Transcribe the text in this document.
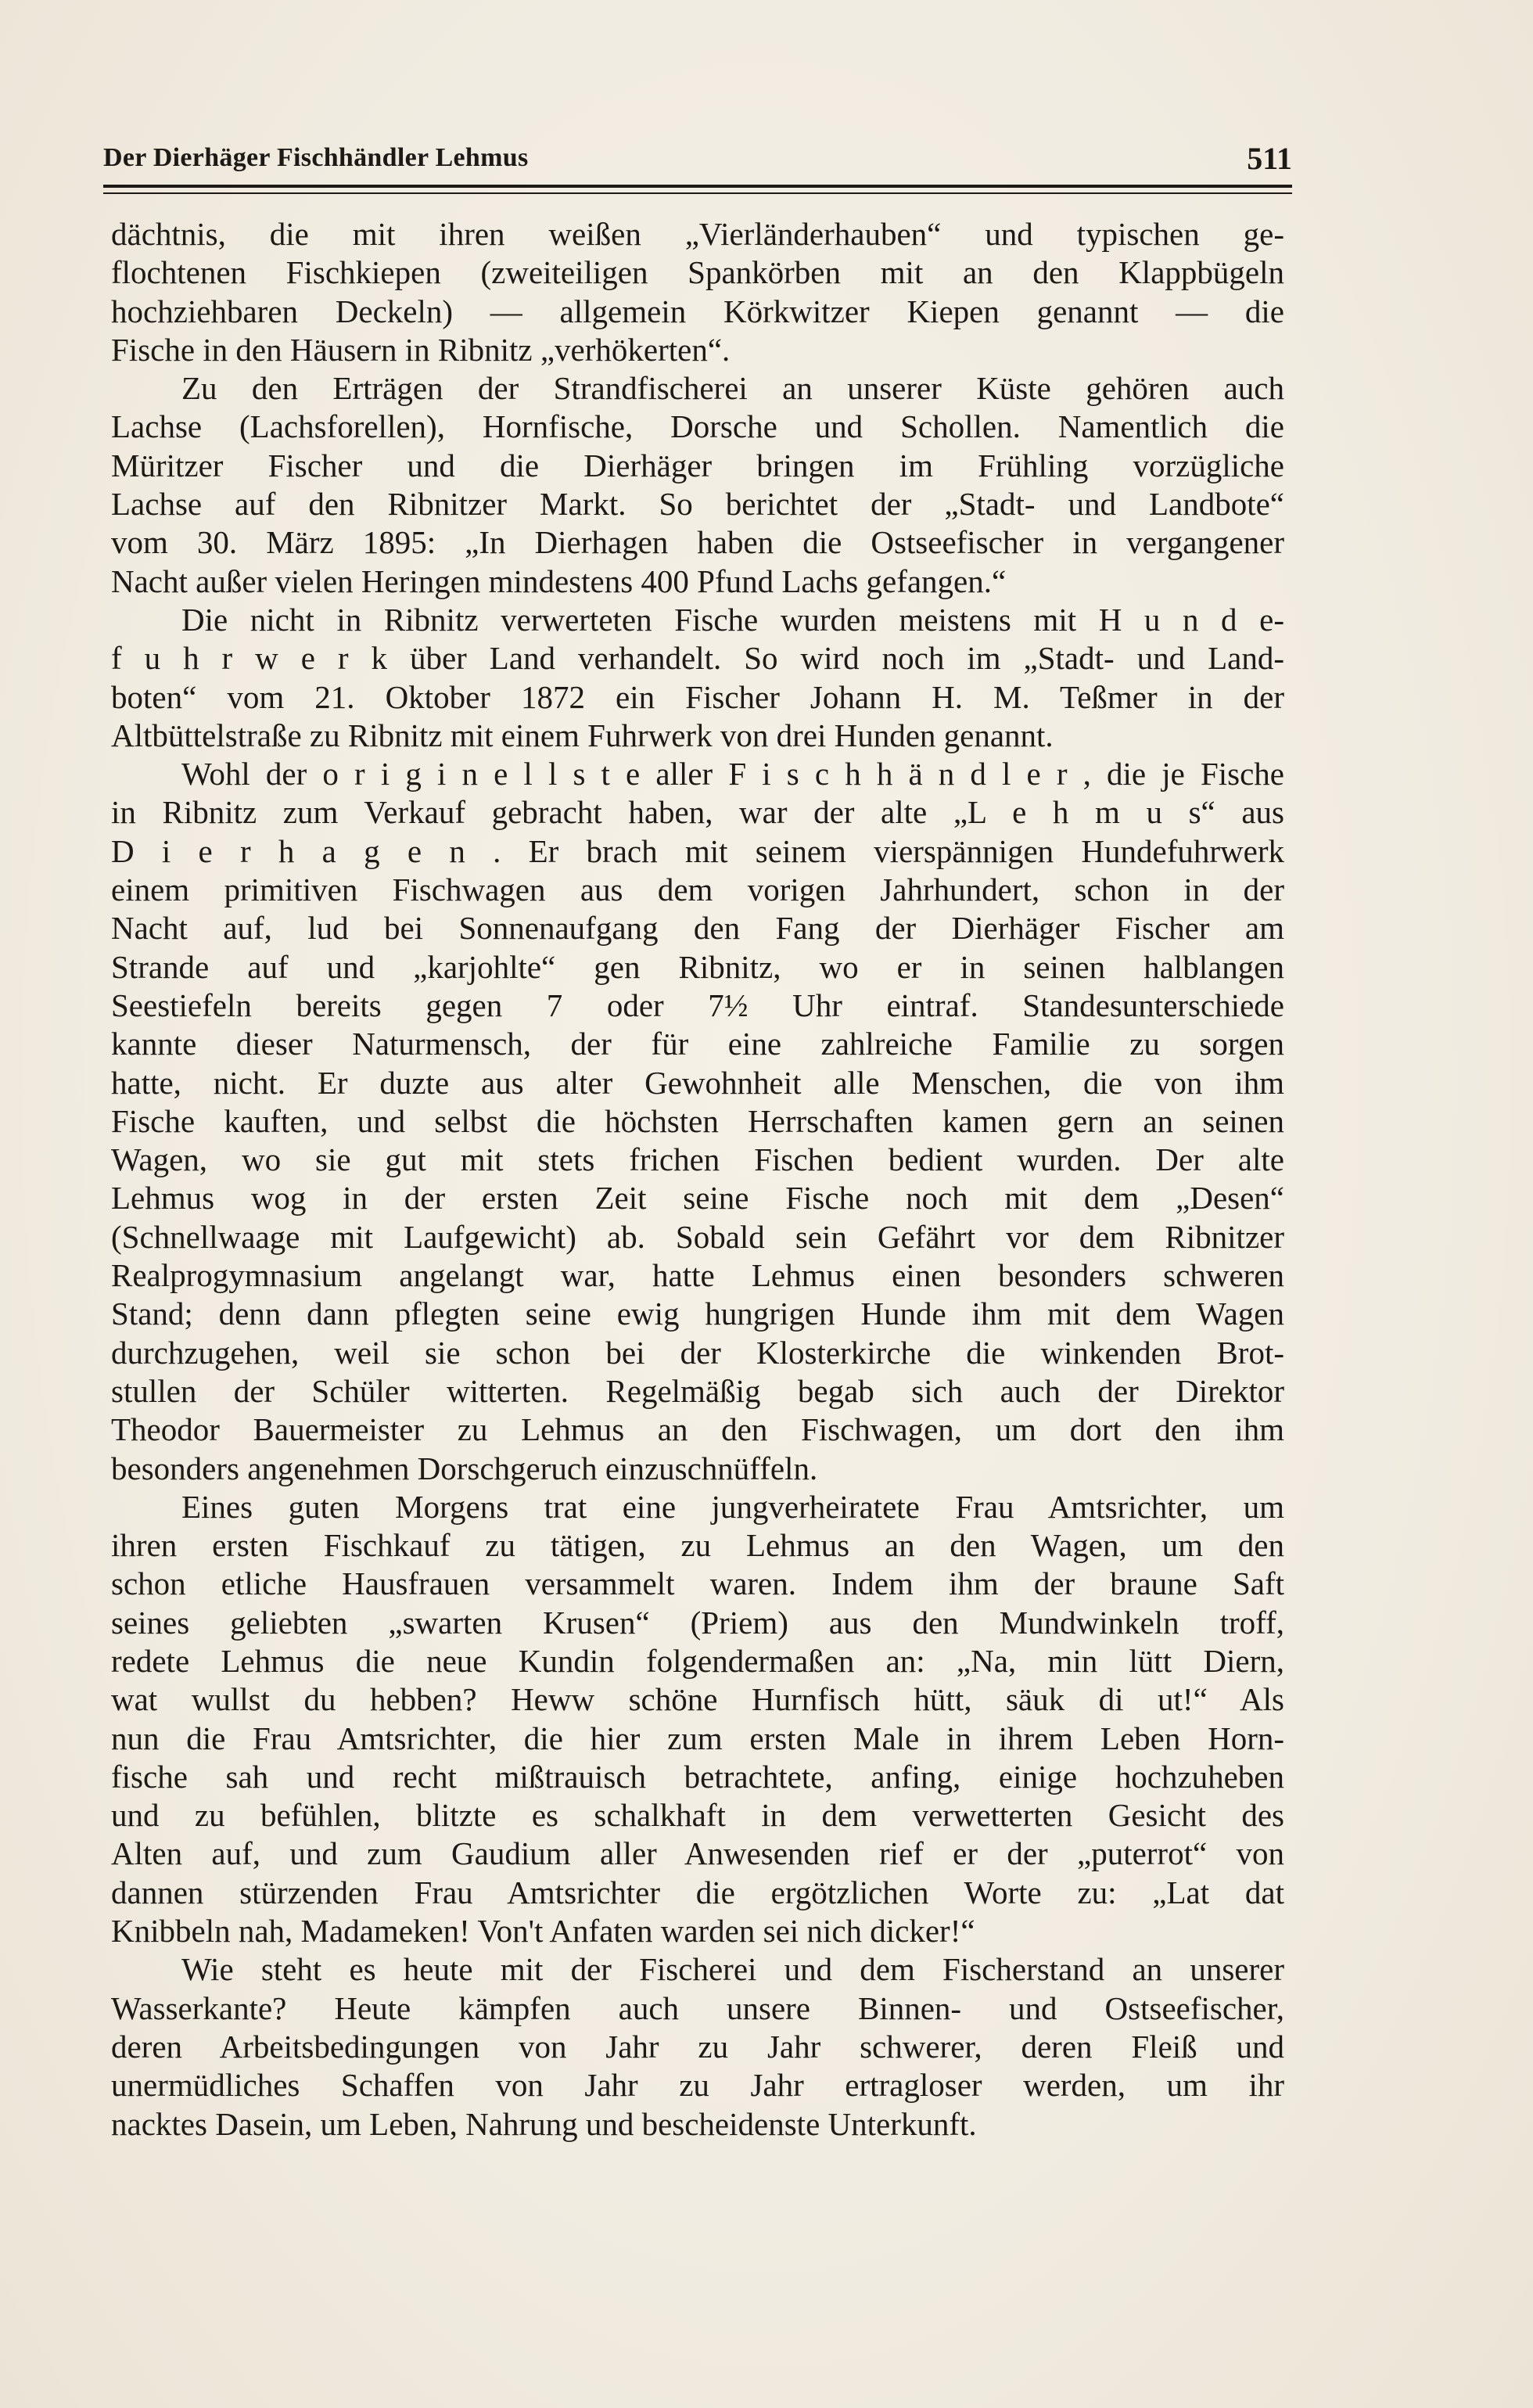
Der Dierhäger Fischhändler Lehmus	511
dächtnis, die mit ihren weißen „Vierländerhauben“ und typischen ge-
flochtenen Fischkiepen (zweiteiligen Spankörben mit an den Klappbügeln
hochziehbaren Deckeln) — allgemein Körkwitzer Kiepen genannt — die
Fische in den Häusern in Ribnitz „verhökerten“.
Zu den Erträgen der Strandfischerei an unserer Küste gehören auch
Lachse (Lachsforellen), Hornfische, Dorsche und Schollen. Namentlich die
Müritzer Fischer und die Dierhäger bringen im Frühling vorzügliche
Lachse auf den Ribnitzer Markt. So berichtet der „Stadt- und Landbote“
vom 30. März 1895: „In Dierhagen haben die Ostseefischer in vergangener
Nacht außer vielen Heringen mindestens 400 Pfund Lachs gefangen.“
Die nicht in Ribnitz verwerteten Fische wurden meistens mit H u n d e-
f u h r w e r k über Land verhandelt. So wird noch im „Stadt- und Land-
boten“ vom 21. Oktober 1872 ein Fischer Johann H. M. Teßmer in der
Altbüttelstraße zu Ribnitz mit einem Fuhrwerk von drei Hunden genannt.
Wohl der o r i g i n e l l s t e aller F i s c h h ä n d l e r , die je Fische
in Ribnitz zum Verkauf gebracht haben, war der alte „L e h m u s“ aus
D i e r h a g e n . Er brach mit seinem vierspännigen Hundefuhrwerk
einem primitiven Fischwagen aus dem vorigen Jahrhundert, schon in der
Nacht auf, lud bei Sonnenaufgang den Fang der Dierhäger Fischer am
Strande auf und „karjohlte“ gen Ribnitz, wo er in seinen halblangen
Seestiefeln bereits gegen 7 oder 7½ Uhr eintraf. Standesunterschiede
kannte dieser Naturmensch, der für eine zahlreiche Familie zu sorgen
hatte, nicht. Er duzte aus alter Gewohnheit alle Menschen, die von ihm
Fische kauften, und selbst die höchsten Herrschaften kamen gern an seinen
Wagen, wo sie gut mit stets frichen Fischen bedient wurden. Der alte
Lehmus wog in der ersten Zeit seine Fische noch mit dem „Desen“
(Schnellwaage mit Laufgewicht) ab. Sobald sein Gefährt vor dem Ribnitzer
Realprogymnasium angelangt war, hatte Lehmus einen besonders schweren
Stand; denn dann pflegten seine ewig hungrigen Hunde ihm mit dem Wagen
durchzugehen, weil sie schon bei der Klosterkirche die winkenden Brot-
stullen der Schüler witterten. Regelmäßig begab sich auch der Direktor
Theodor Bauermeister zu Lehmus an den Fischwagen, um dort den ihm
besonders angenehmen Dorschgeruch einzuschnüffeln.
Eines guten Morgens trat eine jungverheiratete Frau Amtsrichter, um
ihren ersten Fischkauf zu tätigen, zu Lehmus an den Wagen, um den
schon etliche Hausfrauen versammelt waren. Indem ihm der braune Saft
seines geliebten „swarten Krusen“ (Priem) aus den Mundwinkeln troff,
redete Lehmus die neue Kundin folgendermaßen an: „Na, min lütt Diern,
wat wullst du hebben? Heww schöne Hurnfisch hütt, säuk di ut!“ Als
nun die Frau Amtsrichter, die hier zum ersten Male in ihrem Leben Horn-
fische sah und recht mißtrauisch betrachtete, anfing, einige hochzuheben
und zu befühlen, blitzte es schalkhaft in dem verwetterten Gesicht des
Alten auf, und zum Gaudium aller Anwesenden rief er der „puterrot“ von
dannen stürzenden Frau Amtsrichter die ergötzlichen Worte zu: „Lat dat
Knibbeln nah, Madameken! Von't Anfaten warden sei nich dicker!“
Wie steht es heute mit der Fischerei und dem Fischerstand an unserer
Wasserkante? Heute kämpfen auch unsere Binnen- und Ostseefischer,
deren Arbeitsbedingungen von Jahr zu Jahr schwerer, deren Fleiß und
unermüdliches Schaffen von Jahr zu Jahr ertragloser werden, um ihr
nacktes Dasein, um Leben, Nahrung und bescheidenste Unterkunft.
